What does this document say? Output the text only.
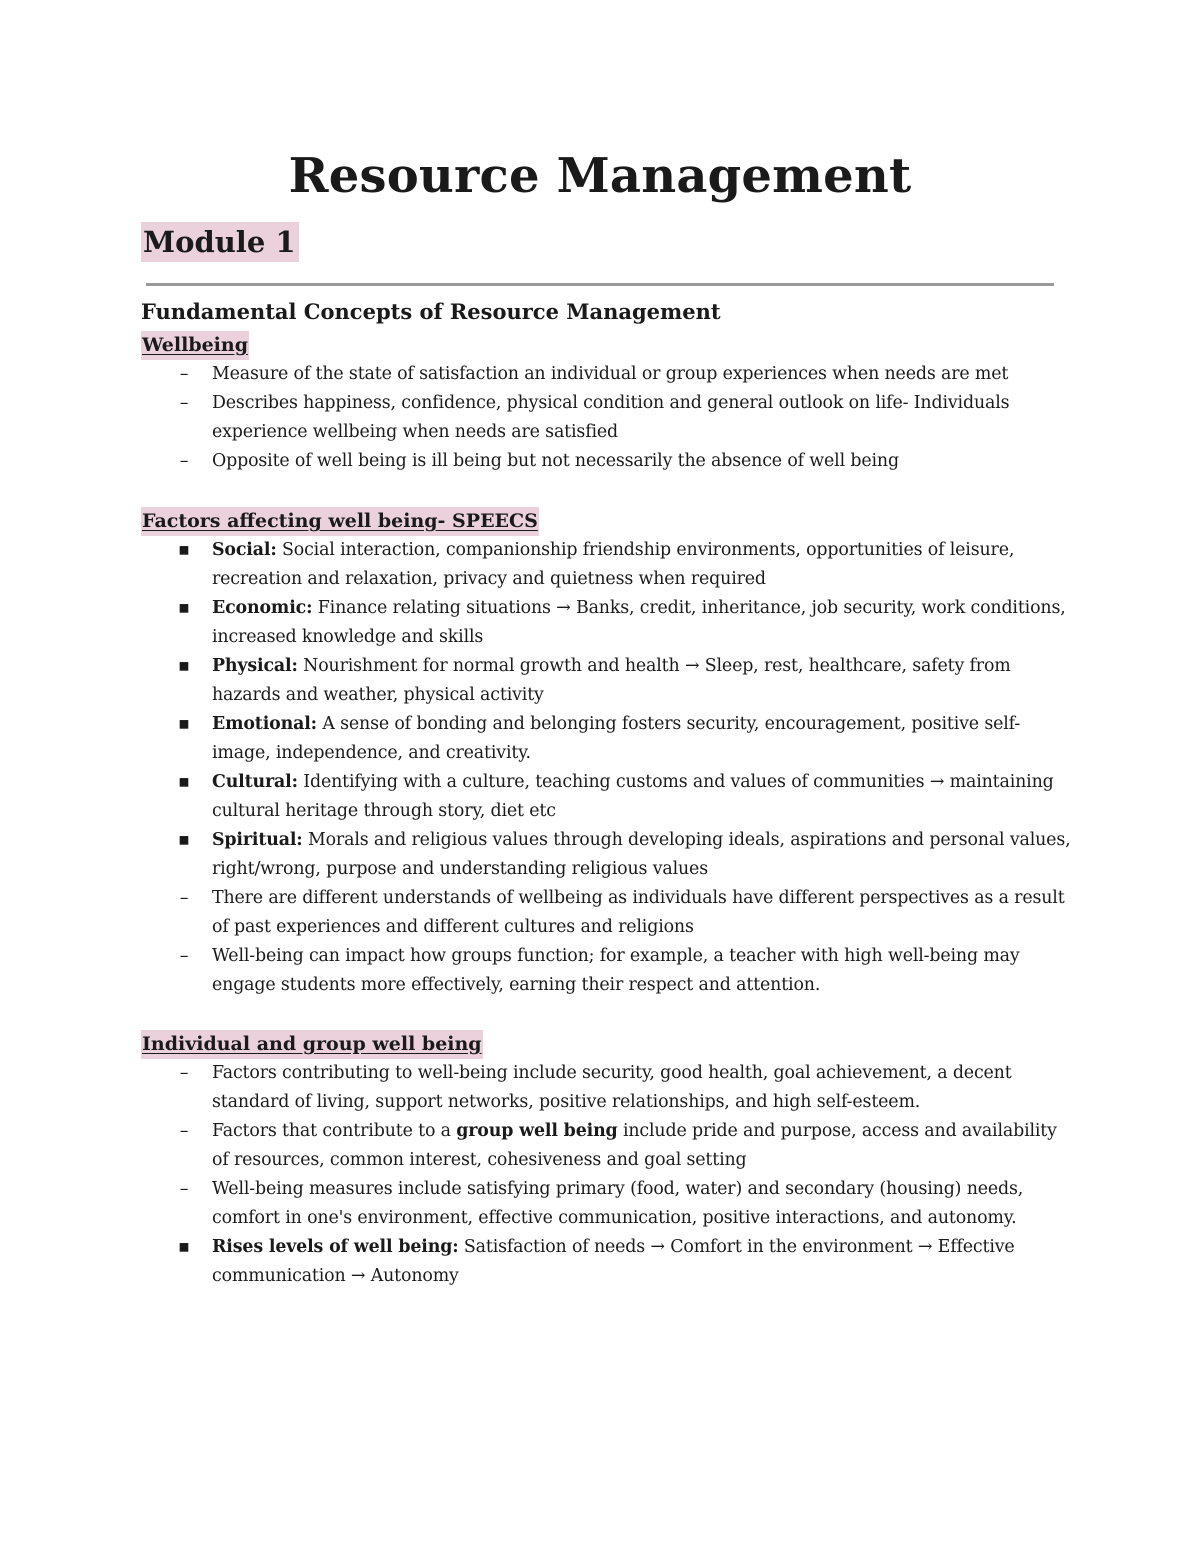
Resource Management
Module 1
Fundamental Concepts of Resource Management
Wellbeing
–	Measure of the state of satisfaction an individual or group experiences when needs are met
–	Describes happiness, confidence, physical condition and general outlook on life- Individuals experience wellbeing when needs are satisfied
–	Opposite of well being is ill being but not necessarily the absence of well being
Factors affecting well being- SPEECS
▪ Social: Social interaction, companionship friendship environments, opportunities of leisure, recreation and relaxation, privacy and quietness when required
▪ Economic: Finance relating situations → Banks, credit, inheritance, job security, work conditions, increased knowledge and skills
▪ Physical: Nourishment for normal growth and health → Sleep, rest, healthcare, safety from hazards and weather, physical activity
▪ Emotional: A sense of bonding and belonging fosters security, encouragement, positive self-image, independence, and creativity.
▪ Cultural: Identifying with a culture, teaching customs and values of communities → maintaining cultural heritage through story, diet etc
▪ Spiritual: Morals and religious values through developing ideals, aspirations and personal values, right/wrong, purpose and understanding religious values
–	There are different understands of wellbeing as individuals have different perspectives as a result of past experiences and different cultures and religions
–	Well-being can impact how groups function; for example, a teacher with high well-being may engage students more effectively, earning their respect and attention.
Individual and group well being
–	Factors contributing to well-being include security, good health, goal achievement, a decent standard of living, support networks, positive relationships, and high self-esteem.
–	Factors that contribute to a group well being include pride and purpose, access and availability of resources, common interest, cohesiveness and goal setting
–	Well-being measures include satisfying primary (food, water) and secondary (housing) needs, comfort in one's environment, effective communication, positive interactions, and autonomy.
▪ Rises levels of well being: Satisfaction of needs → Comfort in the environment → Effective communication → Autonomy
